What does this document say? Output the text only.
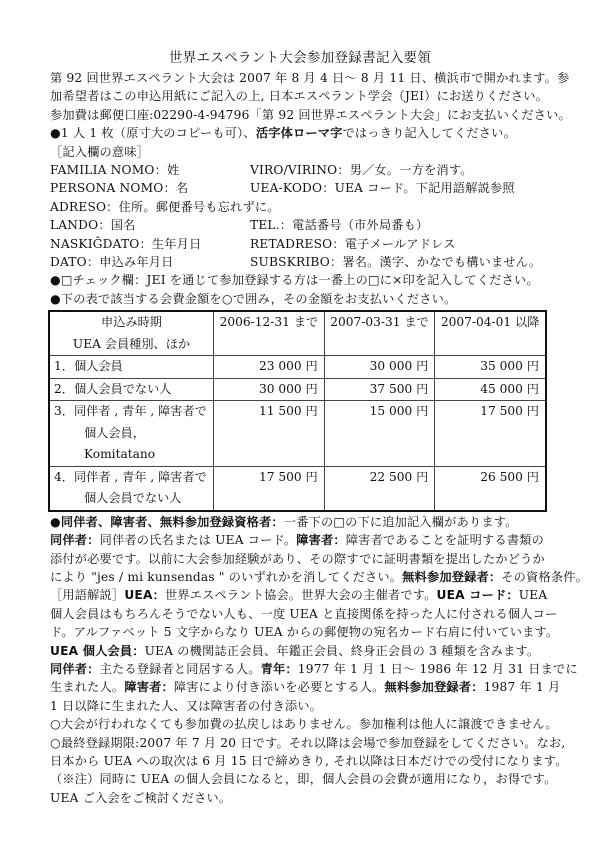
世界エスペラント大会参加登録書記入要領
第 92 回世界エスペラント大会は 2007 年 8 月 4 日～ 8 月 11 日、横浜市で開かれます。参
加希望者はこの申込用紙にご記入の上, 日本エスペラント学会（JEI）にお送りください。
参加費は郵便口座:02290-4-94796「第 92 回世界エスペラント大会」にお支払いください。
●1 人 1 枚（原寸大のコピーも可）、活字体ローマ字ではっきり記入してください。
［記入欄の意味］
FAMILIA NOMO：姓	VIRO/VIRINO：男／女。一方を消す。
PERSONA NOMO：名	UEA-KODO：UEA コード。下記用語解説参照
ADRESO：住所。郵便番号も忘れずに。
LANDO：国名	TEL.：電話番号（市外局番も）
NASKIĜDATO：生年月日	RETADRESO：電子メールアドレス
DATO：申込み年月日	SUBSKRIBO：署名。漢字、かなでも構いません。
●□チェック欄：JEI を通じて参加登録する方は一番上の□に×印を記入してください。
●下の表で該当する会費金額を○で囲み，その金額をお支払いください。
申込み時期
UEA 会員種別、ほか	2006-12-31 まで	2007-03-31 まで	2007-04-01 以降
1．個人会員	23 000 円	30 000 円	35 000 円
2．個人会員でない人	30 000 円	37 500 円	45 000 円

3．同伴者 , 青年 , 障害者で
個人会員，Komitatano	11 500 円	15 000 円	17 500 円

4．同伴者 , 青年 , 障害者で
個人会員でない人	17 500 円	22 500 円	26 500 円
●同伴者、障害者、無料参加登録資格者：一番下の□の下に追加記入欄があります。
同伴者：同伴者の氏名または UEA コード。障害者：障害者であることを証明する書類の
添付が必要です。以前に大会参加経験があり、その際すでに証明書類を提出したかどうか
により "jes / mi kunsendas " のいずれかを消してください。無料参加登録者：その資格条件。
［用語解説］UEA：世界エスペラント協会。世界大会の主催者です。UEA コード：UEA
個人会員はもちろんそうでない人も、一度 UEA と直接関係を持った人に付される個人コー
ド。アルファベット 5 文字からなり UEA からの郵便物の宛名カード右肩に付いています。
UEA 個人会員：UEA の機関誌正会員、年鑑正会員、終身正会員の 3 種類を含みます。
同伴者：主たる登録者と同居する人。青年：1977 年 1 月 1 日～ 1986 年 12 月 31 日までに
生まれた人。障害者：障害により付き添いを必要とする人。無料参加登録者：1987 年 1 月
1 日以降に生まれた人、又は障害者の付き添い。
○大会が行われなくても参加費の払戻しはありません。参加権利は他人に譲渡できません。
○最終登録期限:2007 年 7 月 20 日です。それ以降は会場で参加登録をしてください。なお,
日本から UEA への取次は 6 月 15 日で締めきり, それ以降は日本だけでの受付になります。
（※注）同時に UEA の個人会員になると，即，個人会員の会費が適用になり，お得です。
UEA ご入会をご検討ください。
